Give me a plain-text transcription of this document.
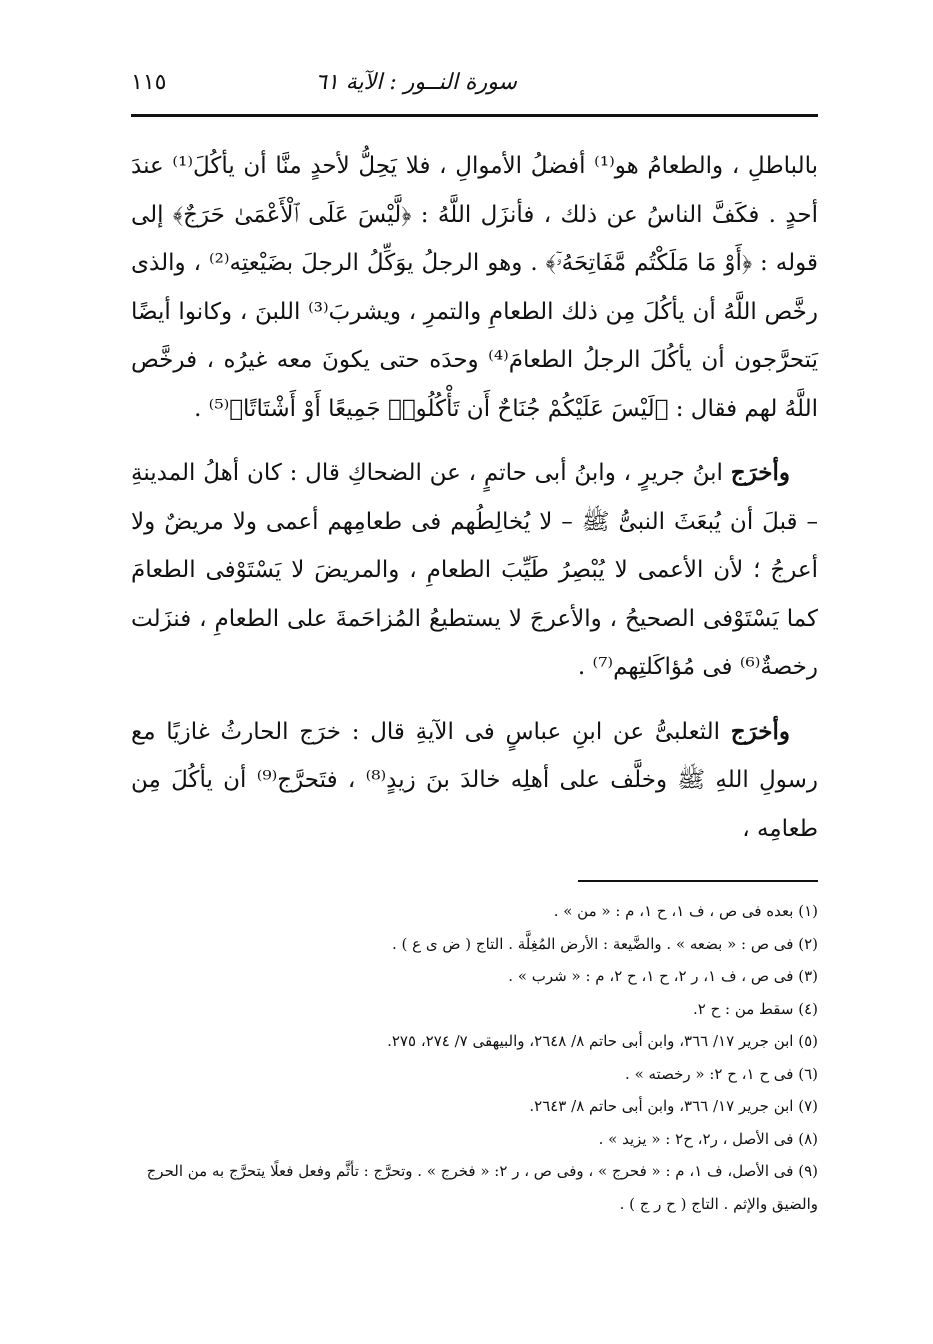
سورة النــور : الآية ٦١
١١٥

بالباطلِ ، والطعامُ هو⁽¹⁾ أفضلُ الأموالِ ، فلا يَحِلُّ لأحدٍ منَّا أن يأكُلَ⁽¹⁾ عندَ أحدٍ . فكَفَّ الناسُ عن ذلك ، فأنزَل اللَّهُ : ﴿لَّيْسَ عَلَى ٱلْأَعْمَىٰ حَرَجٌ﴾ إلى قوله : ﴿أَوْ مَا مَلَكْتُم مَّفَاتِحَهُۥٓ﴾ . وهو الرجلُ يوَكِّلُ الرجلَ بضَيْعتِه⁽²⁾ ، والذى رخَّص اللَّهُ أن يأكُلَ مِن ذلك الطعامِ والتمرِ ، ويشربَ⁽³⁾ اللبنَ ، وكانوا أيضًا يَتحرَّجون أن يأكُلَ الرجلُ الطعامَ⁽⁴⁾ وحدَه حتى يكونَ معه غيرُه ، فرخَّص اللَّهُ لهم فقال : ﴿لَيْسَ عَلَيْكُمْ جُنَاحٌ أَن تَأْكُلُوا۟ جَمِيعًا أَوْ أَشْتَاتًا﴾⁽⁵⁾ .

وأخرَج ابنُ جريرٍ ، وابنُ أبى حاتمٍ ، عن الضحاكِ قال : كان أهلُ المدينةِ – قبلَ أن يُبعَثَ النبىُّ ﷺ – لا يُخالِطُهم فى طعامِهم أعمى ولا مريضٌ ولا أعرجُ ؛ لأن الأعمى لا يُبْصِرُ طَيِّبَ الطعامِ ، والمريضَ لا يَسْتَوْفى الطعامَ كما يَسْتَوْفى الصحيحُ ، والأعرجَ لا يستطيعُ المُزاحَمةَ على الطعامِ ، فنزَلت رخصةٌ⁽⁶⁾ فى مُؤاكَلتِهم⁽⁷⁾ .

وأخرَج الثعلبىُّ عن ابنِ عباسٍ فى الآيةِ قال : خرَج الحارثُ غازيًا مع رسولِ اللهِ ﷺ وخلَّف على أهلِه خالدَ بنَ زيدٍ⁽⁸⁾ ، فتَحرَّج⁽⁹⁾ أن يأكُلَ مِن طعامِه ،

(١) بعده فى ص ، ف ١، ح ١، م : « من » .

(٢) فى ص : « بضعه » . والضَّيعة : الأرض المُغِلَّة . التاج ( ض ى ع ) .

(٣) فى ص ، ف ١، ر ٢، ح ١، ح ٢، م : « شرب » .

(٤) سقط من : ح ٢.

(٥) ابن جرير ١٧/ ٣٦٦، وابن أبى حاتم ٨/ ٢٦٤٨، والبيهقى ٧/ ٢٧٤، ٢٧٥.

(٦) فى ح ١، ح ٢: « رخصته » .

(٧) ابن جرير ١٧/ ٣٦٦، وابن أبى حاتم ٨/ ٢٦٤٣.

(٨) فى الأصل ، ر٢، ح٢ : « يزيد » .

(٩) فى الأصل، ف ١، م : « فحرج » ، وفى ص ، ر ٢: « فخرج » . وتحرَّج : تأثَّم وفعل فعلًا يتحرَّج به من الحرج والضيق والإثم . التاج ( ح ر ج ) .
